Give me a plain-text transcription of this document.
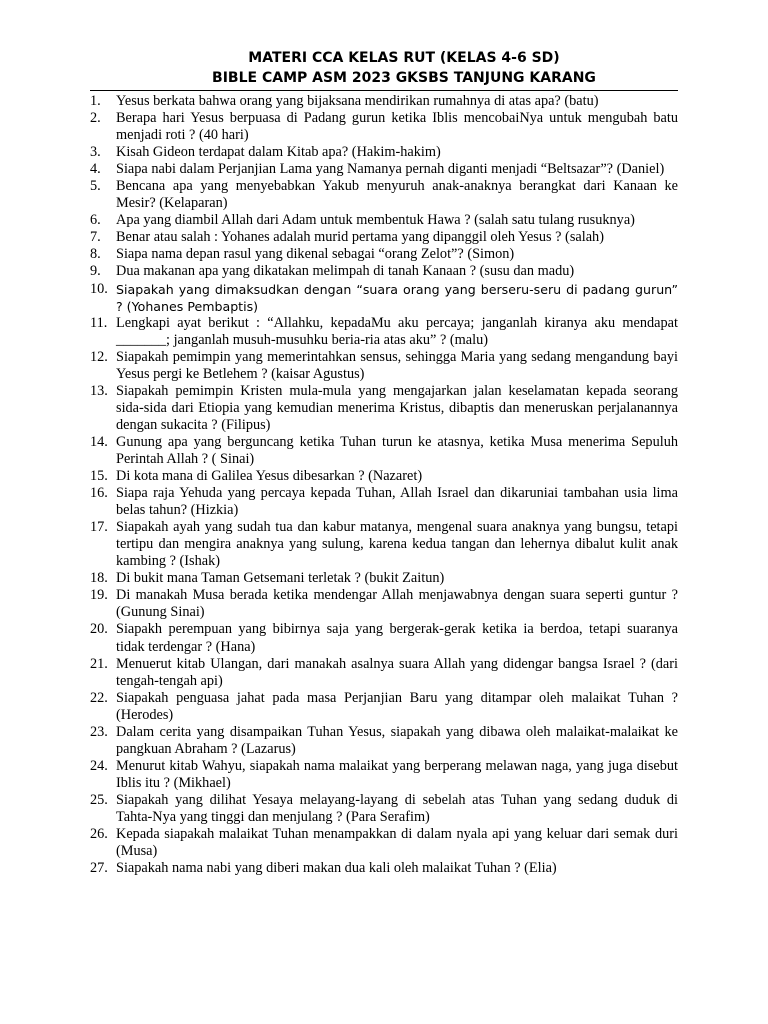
MATERI CCA KELAS RUT (KELAS 4-6 SD)
BIBLE CAMP ASM 2023 GKSBS TANJUNG KARANG
1.	Yesus berkata bahwa orang yang bijaksana mendirikan rumahnya di atas apa? (batu)
2.	Berapa hari Yesus berpuasa di Padang gurun ketika Iblis mencobaiNya untuk mengubah batu menjadi roti ? (40 hari)
3.	Kisah Gideon terdapat dalam Kitab apa? (Hakim-hakim)
4.	Siapa nabi dalam Perjanjian Lama yang Namanya pernah diganti menjadi “Beltsazar”? (Daniel)
5.	Bencana apa yang menyebabkan Yakub menyuruh anak-anaknya berangkat dari Kanaan ke Mesir? (Kelaparan)
6.	Apa yang diambil Allah dari Adam untuk membentuk Hawa ? (salah satu tulang rusuknya)
7.	Benar atau salah : Yohanes adalah murid pertama yang dipanggil oleh Yesus ? (salah)
8.	Siapa nama depan rasul yang dikenal sebagai “orang Zelot”? (Simon)
9.	Dua makanan apa yang dikatakan melimpah di tanah Kanaan ? (susu dan madu)
10. Siapakah yang dimaksudkan dengan “suara orang yang berseru-seru di padang gurun” ? (Yohanes Pembaptis)
11. Lengkapi ayat berikut : “Allahku, kepadaMu aku percaya; janganlah kiranya aku mendapat _______; janganlah musuh-musuhku beria-ria atas aku” ? (malu)
12. Siapakah pemimpin yang memerintahkan sensus, sehingga Maria yang sedang mengandung bayi Yesus pergi ke Betlehem ? (kaisar Agustus)
13. Siapakah pemimpin Kristen mula-mula yang mengajarkan jalan keselamatan kepada seorang sida-sida dari Etiopia yang kemudian menerima Kristus, dibaptis dan meneruskan perjalanannya dengan sukacita ? (Filipus)
14. Gunung apa yang berguncang ketika Tuhan turun ke atasnya, ketika Musa menerima Sepuluh Perintah Allah ? ( Sinai)
15. Di kota mana di Galilea Yesus dibesarkan ? (Nazaret)
16. Siapa raja Yehuda yang percaya kepada Tuhan, Allah Israel dan dikaruniai tambahan usia lima belas tahun? (Hizkia)
17. Siapakah ayah yang sudah tua dan kabur matanya, mengenal suara anaknya yang bungsu, tetapi tertipu dan mengira anaknya yang sulung, karena kedua tangan dan lehernya dibalut kulit anak kambing ? (Ishak)
18. Di bukit mana Taman Getsemani terletak ? (bukit Zaitun)
19. Di manakah Musa berada ketika mendengar Allah menjawabnya dengan suara seperti guntur ? (Gunung Sinai)
20. Siapakh perempuan yang bibirnya saja yang bergerak-gerak ketika ia berdoa, tetapi suaranya tidak terdengar ? (Hana)
21. Menuerut kitab Ulangan, dari manakah asalnya suara Allah yang didengar bangsa Israel ? (dari tengah-tengah api)
22. Siapakah penguasa jahat pada masa Perjanjian Baru yang ditampar oleh malaikat Tuhan ? (Herodes)
23. Dalam cerita yang disampaikan Tuhan Yesus, siapakah yang dibawa oleh malaikat-malaikat ke pangkuan Abraham ? (Lazarus)
24. Menurut kitab Wahyu, siapakah nama malaikat yang berperang melawan naga, yang juga disebut Iblis itu ? (Mikhael)
25. Siapakah yang dilihat Yesaya melayang-layang di sebelah atas Tuhan yang sedang duduk di Tahta-Nya yang tinggi dan menjulang ? (Para Serafim)
26. Kepada siapakah malaikat Tuhan menampakkan di dalam nyala api yang keluar dari semak duri (Musa)
27. Siapakah nama nabi yang diberi makan dua kali oleh malaikat Tuhan ? (Elia)
